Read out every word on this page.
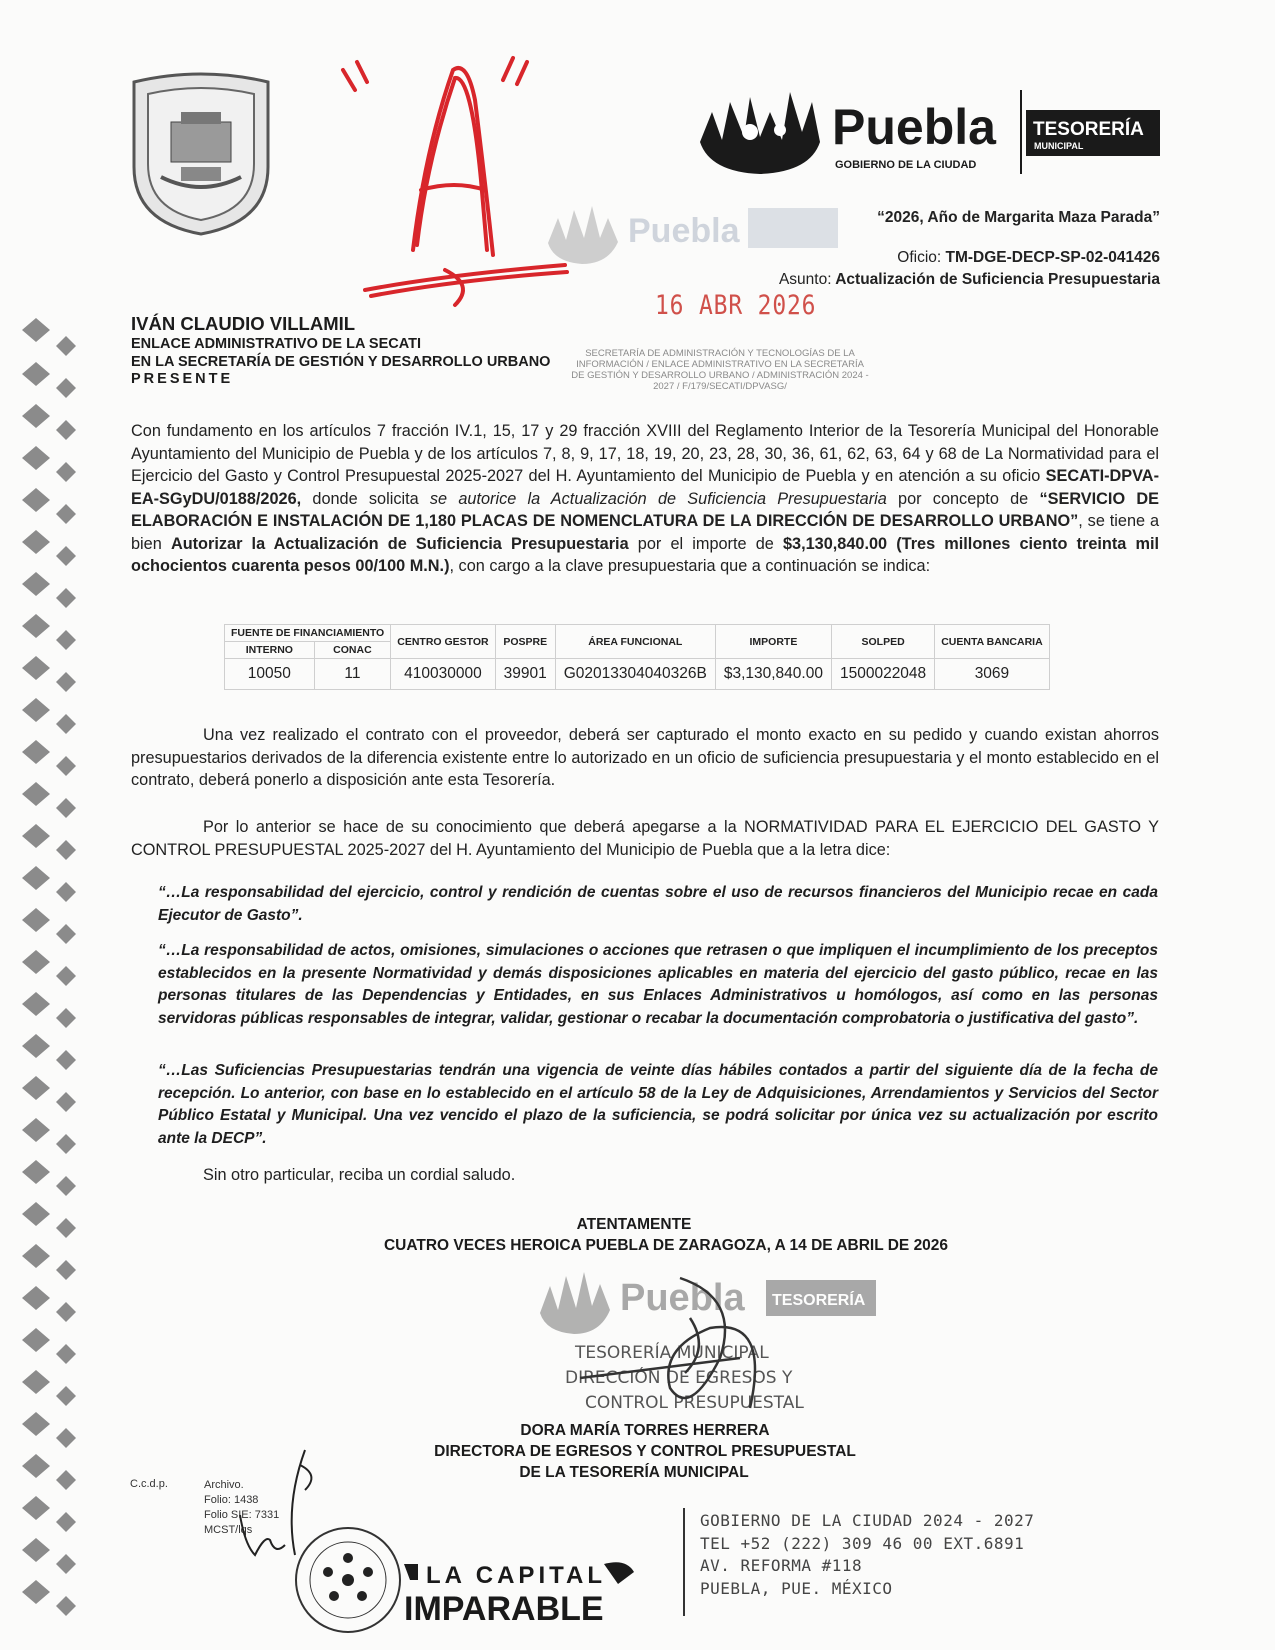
Puebla
GOBIERNO DE LA CIUDAD
TESORERÍA
MUNICIPAL
Puebla	“2026, Año de Margarita Maza Parada”
Oficio: TM-DGE-DECP-SP-02-041426
Asunto: Actualización de Suficiencia Presupuestaria
16 ABR 2026
SECRETARÍA DE ADMINISTRACIÓN Y TECNOLOGÍAS DE LA INFORMACIÓN / ENLACE ADMINISTRATIVO EN LA SECRETARÍA DE GESTIÓN Y DESARROLLO URBANO / ADMINISTRACIÓN 2024 - 2027 / F/179/SECATI/DPVASG/
IVÁN CLAUDIO VILLAMIL
ENLACE ADMINISTRATIVO DE LA SECATI
EN LA SECRETARÍA DE GESTIÓN Y DESARROLLO URBANO
PRESENTE
Con fundamento en los artículos 7 fracción IV.1, 15, 17 y 29 fracción XVIII del Reglamento Interior de la Tesorería Municipal del Honorable Ayuntamiento del Municipio de Puebla y de los artículos 7, 8, 9, 17, 18, 19, 20, 23, 28, 30, 36, 61, 62, 63, 64 y 68 de La Normatividad para el Ejercicio del Gasto y Control Presupuestal 2025-2027 del H. Ayuntamiento del Municipio de Puebla y en atención a su oficio SECATI-DPVA-EA-SGyDU/0188/2026, donde solicita se autorice la Actualización de Suficiencia Presupuestaria por concepto de “SERVICIO DE ELABORACIÓN E INSTALACIÓN DE 1,180 PLACAS DE NOMENCLATURA DE LA DIRECCIÓN DE DESARROLLO URBANO”, se tiene a bien Autorizar la Actualización de Suficiencia Presupuestaria por el importe de $3,130,840.00 (Tres millones ciento treinta mil ochocientos cuarenta pesos 00/100 M.N.), con cargo a la clave presupuestaria que a continuación se indica:
FUENTE DE FINANCIAMIENTO		CENTRO GESTOR	POSPRE	ÁREA FUNCIONAL	IMPORTE	SOLPED	CUENTA BANCARIA
INTERNO	CONAC						
10050	11	410030000	39901	G02013304040326B	$3,130,840.00	1500022048	3069
Una vez realizado el contrato con el proveedor, deberá ser capturado el monto exacto en su pedido y cuando existan ahorros presupuestarios derivados de la diferencia existente entre lo autorizado en un oficio de suficiencia presupuestaria y el monto establecido en el contrato, deberá ponerlo a disposición ante esta Tesorería.
Por lo anterior se hace de su conocimiento que deberá apegarse a la NORMATIVIDAD PARA EL EJERCICIO DEL GASTO Y CONTROL PRESUPUESTAL 2025-2027 del H. Ayuntamiento del Municipio de Puebla que a la letra dice:
“…La responsabilidad del ejercicio, control y rendición de cuentas sobre el uso de recursos financieros del Municipio recae en cada Ejecutor de Gasto”.
“…La responsabilidad de actos, omisiones, simulaciones o acciones que retrasen o que impliquen el incumplimiento de los preceptos establecidos en la presente Normatividad y demás disposiciones aplicables en materia del ejercicio del gasto público, recae en las personas titulares de las Dependencias y Entidades, en sus Enlaces Administrativos u homólogos, así como en las personas servidoras públicas responsables de integrar, validar, gestionar o recabar la documentación comprobatoria o justificativa del gasto”.
“…Las Suficiencias Presupuestarias tendrán una vigencia de veinte días hábiles contados a partir del siguiente día de la fecha de recepción. Lo anterior, con base en lo establecido en el artículo 58 de la Ley de Adquisiciones, Arrendamientos y Servicios del Sector Público Estatal y Municipal. Una vez vencido el plazo de la suficiencia, se podrá solicitar por única vez su actualización por escrito ante la DECP”.
Sin otro particular, reciba un cordial saludo.
ATENTAMENTE
CUATRO VECES HEROICA PUEBLA DE ZARAGOZA, A 14 DE ABRIL DE 2026
Puebla TESORERÍA
TESORERÍA MUNICIPAL
DIRECCIÓN DE EGRESOS Y
CONTROL PRESUPUESTAL
DORA MARÍA TORRES HERRERA
DIRECTORA DE EGRESOS Y CONTROL PRESUPUESTAL
DE LA TESORERÍA MUNICIPAL
C.c.d.p.	Archivo.
Folio: 1438
Folio SIE: 7331
MCST/lqs
LA CAPITAL
IMPARABLE
GOBIERNO DE LA CIUDAD 2024 - 2027
TEL +52 (222) 309 46 00 EXT.6891
AV. REFORMA #118
PUEBLA, PUE. MÉXICO
